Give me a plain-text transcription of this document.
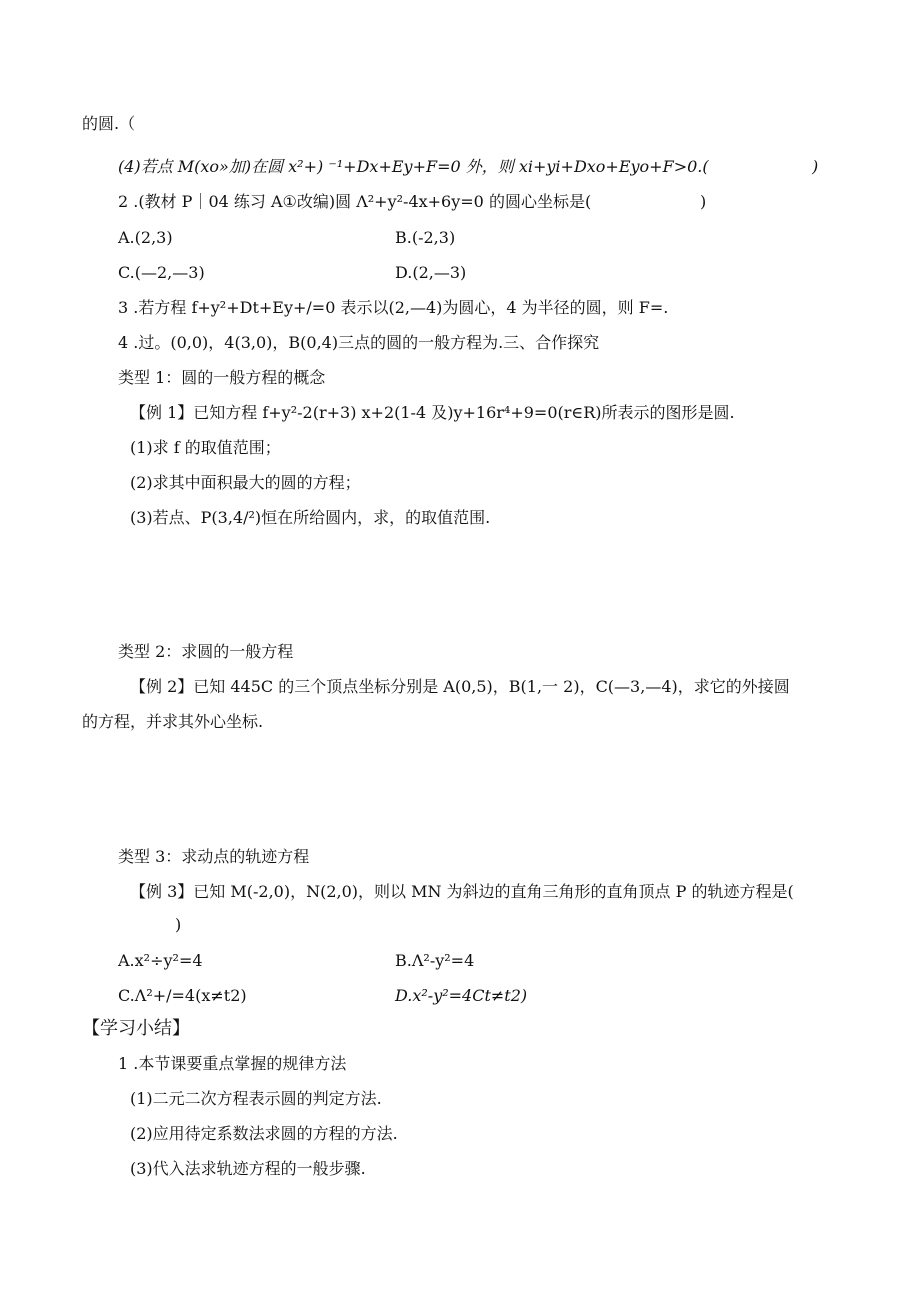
的圆.（
(4)若点 M(xo»加)在圆 x²+) ⁻¹+Dx+Ey+F=0 外，则 xi+yi+Dxo+Eyo+F>0.(	)
2 .(教材 P｜04 练习 A①改编)圆 Λ²+y²-4x+6y=0 的圆心坐标是(	)
A.(2,3)	B.(-2,3)
C.(—2,—3)	D.(2,—3)
3 .若方程 f+y²+Dt+Ey+/=0 表示以(2,—4)为圆心，4 为半径的圆，则 F=.
4 .过。(0,0)，4(3,0)，B(0,4)三点的圆的一般方程为.三、合作探究
类型 1：圆的一般方程的概念
【例 1】已知方程 f+y²-2(r+3) x+2(1-4 及)y+16r⁴+9=0(r∈R)所表示的图形是圆.
(1)求 f 的取值范围；
(2)求其中面积最大的圆的方程；
(3)若点、P(3,4/²)恒在所给圆内，求，的取值范围.
类型 2：求圆的一般方程
【例 2】已知 445C 的三个顶点坐标分别是 A(0,5)，B(1,一 2)，C(—3,—4)，求它的外接圆
的方程，并求其外心坐标.
类型 3：求动点的轨迹方程
【例 3】已知 M(-2,0)，N(2,0)，则以 MN 为斜边的直角三角形的直角顶点 P 的轨迹方程是(
)
A.x²÷y²=4	B.Λ²-y²=4
C.Λ²+/=4(x≠t2)	D.x²-y²=4Ct≠t2)
【学习小结】
1 .本节课要重点掌握的规律方法
(1)二元二次方程表示圆的判定方法.
(2)应用待定系数法求圆的方程的方法.
(3)代入法求轨迹方程的一般步骤.
